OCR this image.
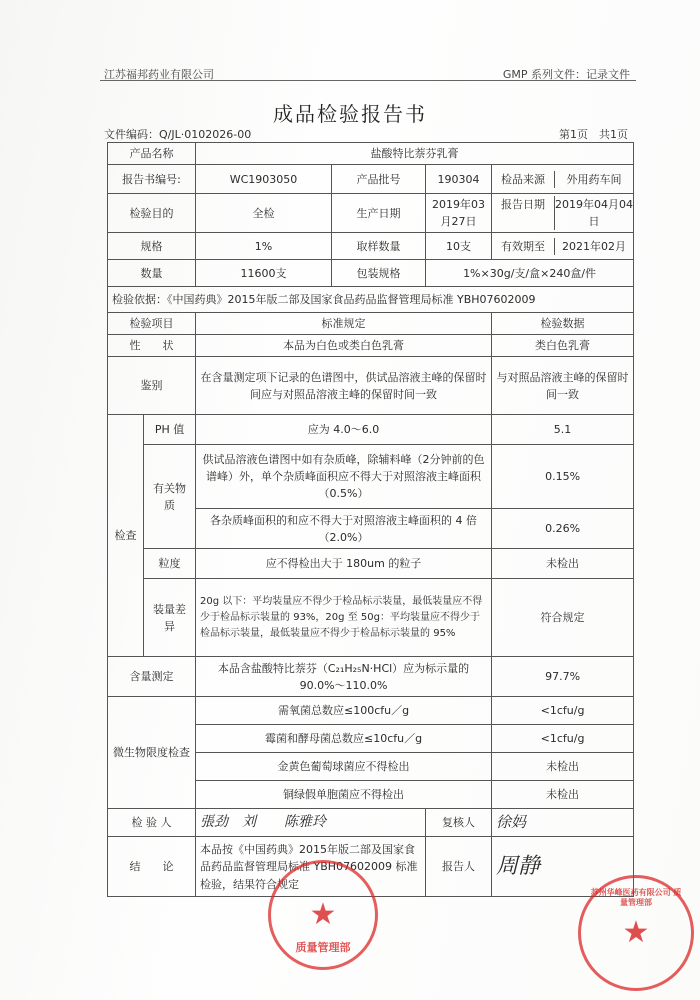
江苏福邦药业有限公司	GMP 系列文件：记录文件
成品检验报告书
文件编码：Q/JL·0102026-00	第1页　共1页
产品名称		盐酸特比萘芬乳膏			
报告书编号:		WC1903050	产品批号	190304	检品来源 外用药车间

检验目的		全检	生产日期	2019年03月27日	报告日期 2019年04月04日

规格		1%	取样数量	10支	有效期至 2021年02月

数量		11600支	包装规格	1%×30g/支/盒×240盒/件	
检验依据：《中国药典》2015年版二部及国家食品药品监督管理局标准 YBH07602009					
检验项目		标准规定			检验数据
性　　状		本品为白色或类白色乳膏			类白色乳膏
鉴别		在含量测定项下记录的色谱图中，供试品溶液主峰的保留时间应与对照品溶液主峰的保留时间一致			与对照品溶液主峰的保留时间一致
检查	PH 值	应为 4.0～6.0			5.1
	有关物质	供试品溶液色谱图中如有杂质峰，除辅料峰（2分钟前的色谱峰）外，单个杂质峰面积应不得大于对照溶液主峰面积（0.5%）			0.15%
		各杂质峰面积的和应不得大于对照溶液主峰面积的 4 倍（2.0%）			0.26%
	粒度	应不得检出大于 180um 的粒子			未检出
	装量差异	20g 以下：平均装量应不得少于检品标示装量，最低装量应不得少于检品标示装量的 93%，20g 至 50g：平均装量应不得少于检品标示装量，最低装量应不得少于检品标示装量的 95%			符合规定
含量测定		本品含盐酸特比萘芬（C₂₁H₂₅N·HCl）应为标示量的 90.0%～110.0%			97.7%
微生物限度检查		需氧菌总数应≤100cfu／g			<1cfu/g
		霉菌和酵母菌总数应≤10cfu／g			<1cfu/g
		金黄色葡萄球菌应不得检出			未检出
		铜绿假单胞菌应不得检出			未检出
检 验 人		張劲　刘　　陈雅玲		复核人	徐妈
结　　论		本品按《中国药典》2015年版二部及国家食品药品监督管理局标准 YBH07602009 标准检验，结果符合规定		报告人	周静
★
质量管理部	★
苏州华峰医药有限公司 质量管理部
